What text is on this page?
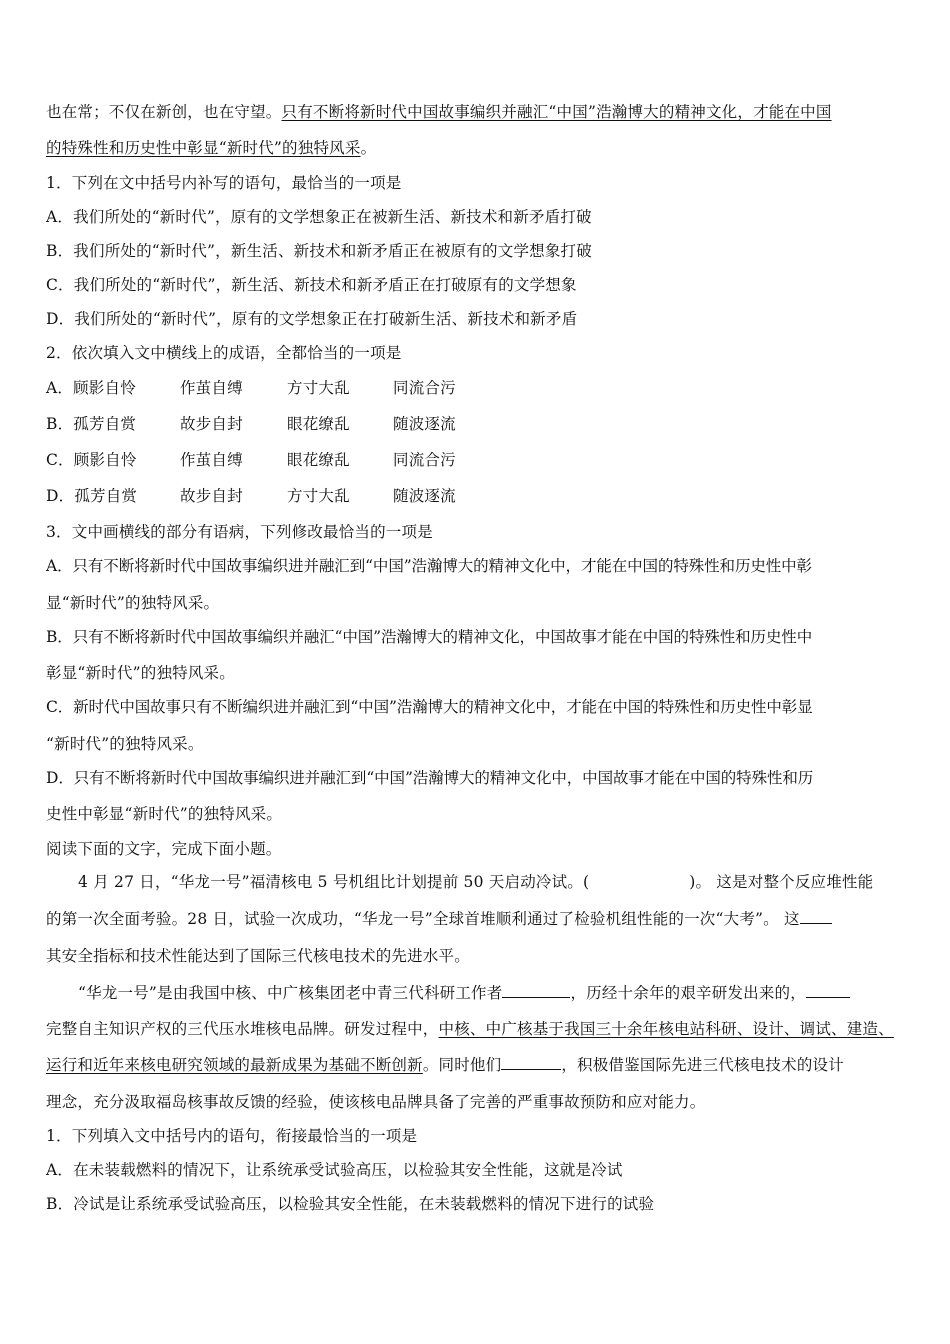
也在常；不仅在新创，也在守望。只有不断将新时代中国故事编织并融汇“中国”浩瀚博大的精神文化，才能在中国
的特殊性和历史性中彰显“新时代”的独特风采。
1．下列在文中括号内补写的语句，最恰当的一项是
A．我们所处的“新时代”，原有的文学想象正在被新生活、新技术和新矛盾打破
B．我们所处的“新时代”，新生活、新技术和新矛盾正在被原有的文学想象打破
C．我们所处的“新时代”，新生活、新技术和新矛盾正在打破原有的文学想象
D．我们所处的“新时代”，原有的文学想象正在打破新生活、新技术和新矛盾
2．依次填入文中横线上的成语，全都恰当的一项是
A．顾影自怜	作茧自缚	方寸大乱	同流合污
B．孤芳自赏	故步自封	眼花缭乱	随波逐流
C．顾影自怜	作茧自缚	眼花缭乱	同流合污
D．孤芳自赏	故步自封	方寸大乱	随波逐流
3．文中画横线的部分有语病，下列修改最恰当的一项是
A．只有不断将新时代中国故事编织进并融汇到“中国”浩瀚博大的精神文化中，才能在中国的特殊性和历史性中彰
显“新时代”的独特风采。
B．只有不断将新时代中国故事编织并融汇“中国”浩瀚博大的精神文化，中国故事才能在中国的特殊性和历史性中
彰显“新时代”的独特风采。
C．新时代中国故事只有不断编织进并融汇到“中国”浩瀚博大的精神文化中，才能在中国的特殊性和历史性中彰显
“新时代”的独特风采。
D．只有不断将新时代中国故事编织进并融汇到“中国”浩瀚博大的精神文化中，中国故事才能在中国的特殊性和历
史性中彰显“新时代”的独特风采。
阅读下面的文字，完成下面小题。
4 月 27 日，“华龙一号”福清核电 5 号机组比计划提前 50 天启动冷试。(	)。 这是对整个反应堆性能
的第一次全面考验。28 日，试验一次成功，“华龙一号”全球首堆顺利通过了检验机组性能的一次“大考”。 这
其安全指标和技术性能达到了国际三代核电技术的先进水平。
“华龙一号”是由我国中核、中广核集团老中青三代科研工作者	，历经十余年的艰辛研发出来的，
完整自主知识产权的三代压水堆核电品牌。研发过程中，中核、中广核基于我国三十余年核电站科研、设计、调试、建造、
运行和近年来核电研究领域的最新成果为基础不断创新。同时他们	，积极借鉴国际先进三代核电技术的设计
理念，充分汲取福岛核事故反馈的经验，使该核电品牌具备了完善的严重事故预防和应对能力。
1．下列填入文中括号内的语句，衔接最恰当的一项是
A．在未装载燃料的情况下，让系统承受试验高压，以检验其安全性能，这就是冷试
B．冷试是让系统承受试验高压，以检验其安全性能，在未装载燃料的情况下进行的试验
